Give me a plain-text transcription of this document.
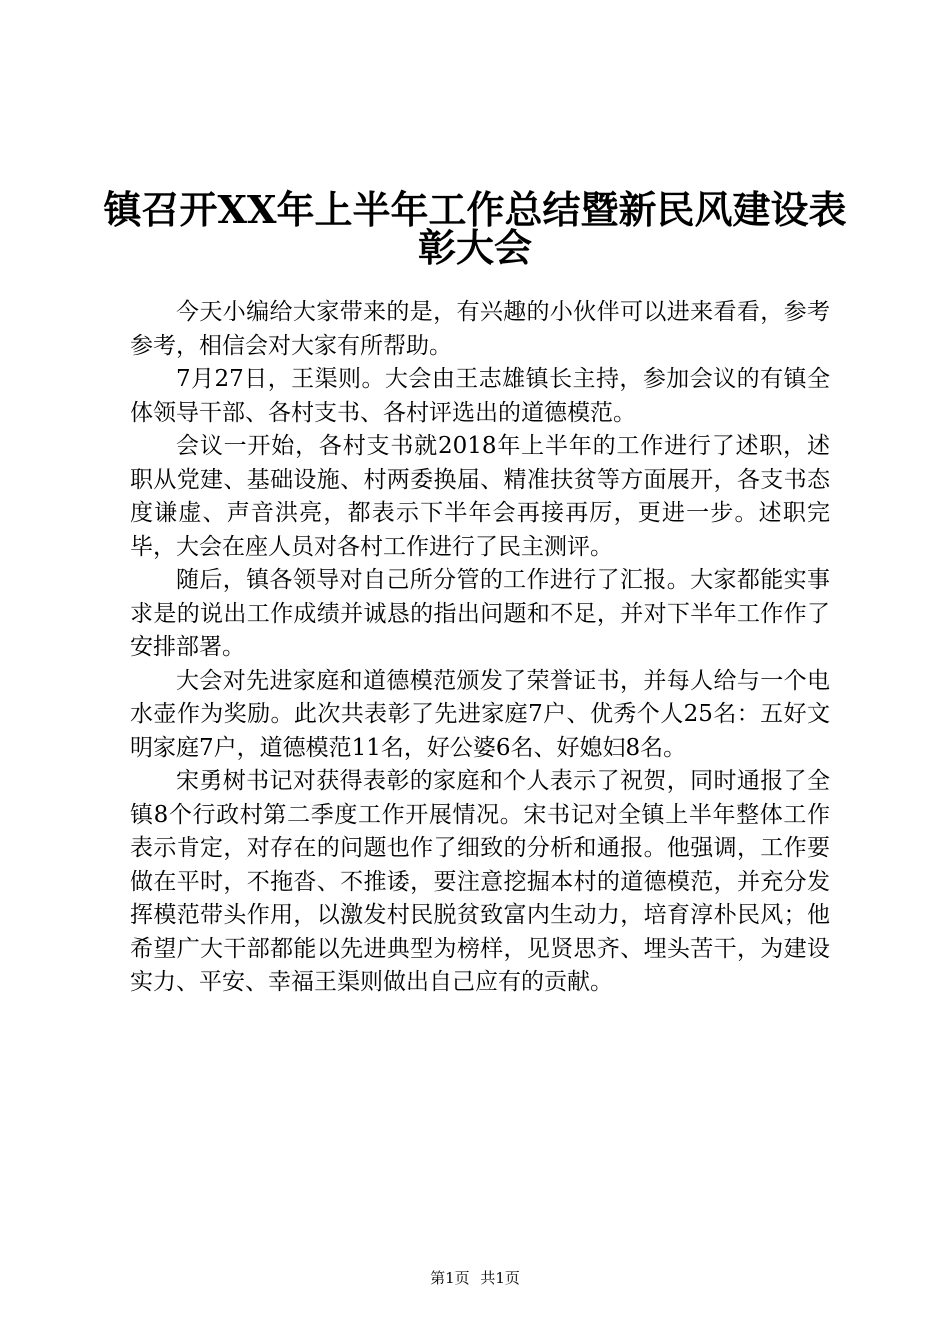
镇召开XX年上半年工作总结暨新民风建设表
彰大会

今天小编给大家带来的是，有兴趣的小伙伴可以进来看看，参考参考，相信会对大家有所帮助。

7月27日，王渠则。大会由王志雄镇长主持，参加会议的有镇全体领导干部、各村支书、各村评选出的道德模范。

会议一开始，各村支书就2018年上半年的工作进行了述职，述职从党建、基础设施、村两委换届、精准扶贫等方面展开，各支书态度谦虚、声音洪亮，都表示下半年会再接再厉，更进一步。述职完毕，大会在座人员对各村工作进行了民主测评。

随后，镇各领导对自己所分管的工作进行了汇报。大家都能实事求是的说出工作成绩并诚恳的指出问题和不足，并对下半年工作作了安排部署。

大会对先进家庭和道德模范颁发了荣誉证书，并每人给与一个电水壶作为奖励。此次共表彰了先进家庭7户、优秀个人25名：五好文明家庭7户，道德模范11名，好公婆6名、好媳妇8名。

宋勇树书记对获得表彰的家庭和个人表示了祝贺，同时通报了全镇8个行政村第二季度工作开展情况。宋书记对全镇上半年整体工作表示肯定，对存在的问题也作了细致的分析和通报。他强调，工作要做在平时，不拖沓、不推诿，要注意挖掘本村的道德模范，并充分发挥模范带头作用，以激发村民脱贫致富内生动力，培育淳朴民风；他希望广大干部都能以先进典型为榜样，见贤思齐、埋头苦干，为建设实力、平安、幸福王渠则做出自己应有的贡献。

第1页 共1页
